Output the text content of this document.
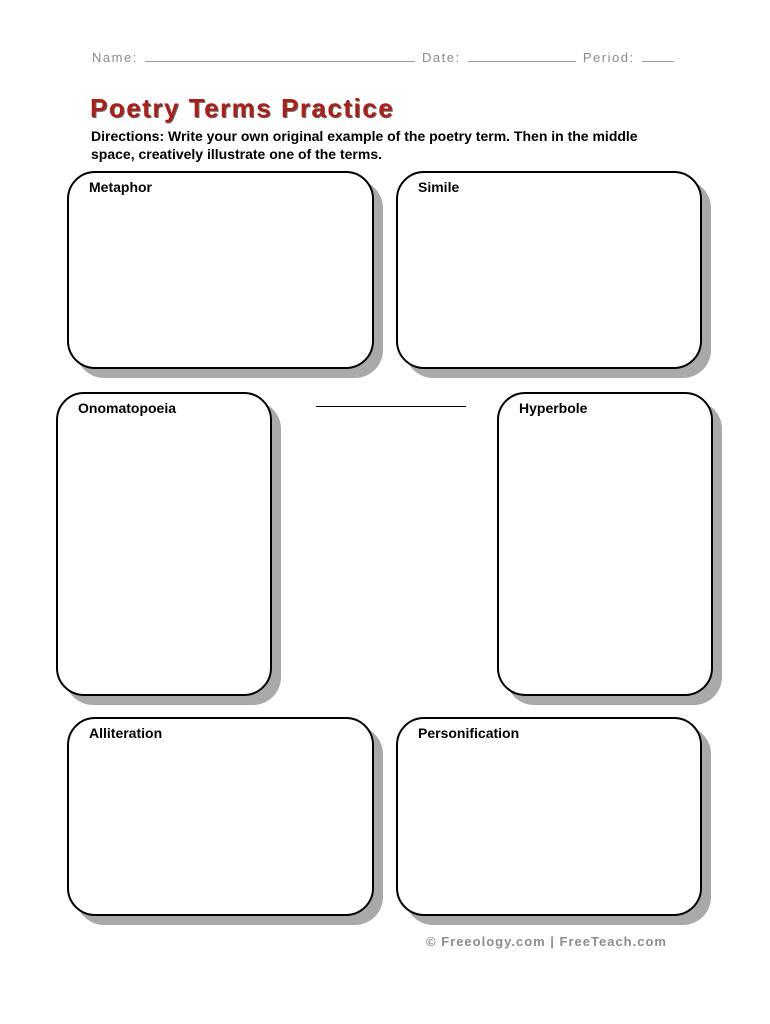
Name:	Date:	Period:
Poetry Terms Practice
Directions: Write your own original example of the poetry term. Then in the middle space, creatively illustrate one of the terms.
Metaphor	Simile
Onomatopoeia	Hyperbole
Alliteration	Personification
© Freeology.com | FreeTeach.com
